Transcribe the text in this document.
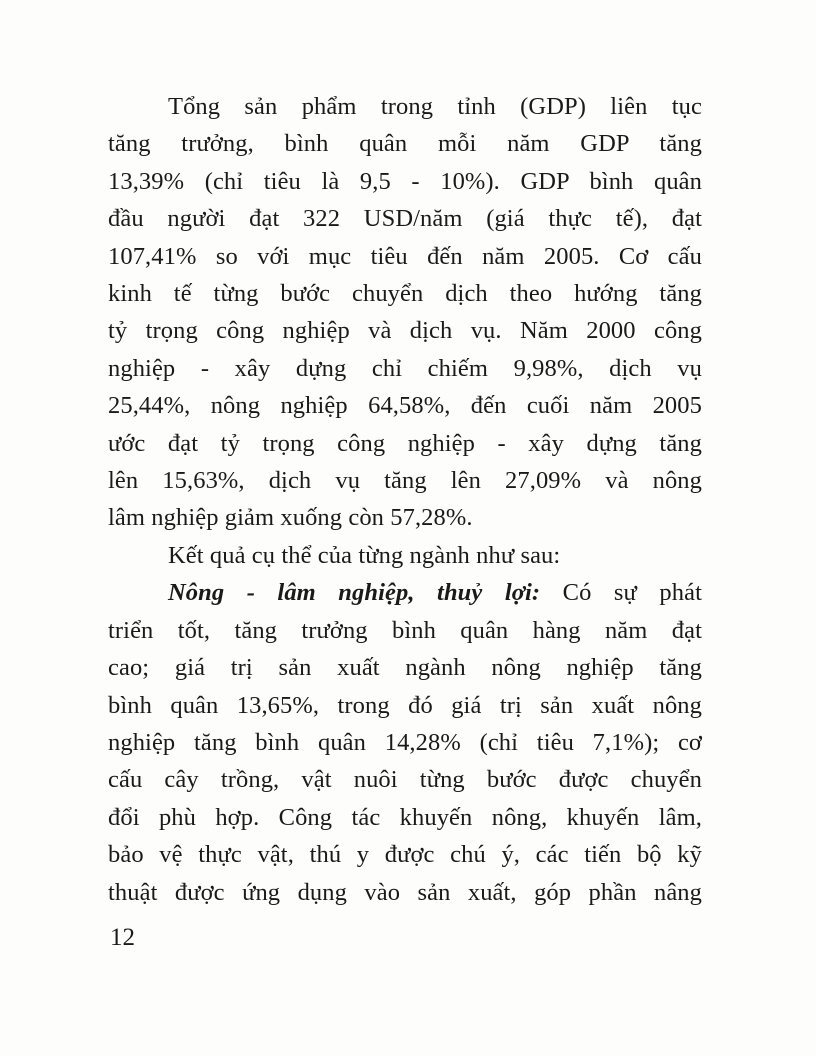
Tổng sản phẩm trong tỉnh (GDP) liên tục
tăng trưởng, bình quân mỗi năm GDP tăng
13,39% (chỉ tiêu là 9,5 - 10%). GDP bình quân
đầu người đạt 322 USD/năm (giá thực tế), đạt
107,41% so với mục tiêu đến năm 2005. Cơ cấu
kinh tế từng bước chuyển dịch theo hướng tăng
tỷ trọng công nghiệp và dịch vụ. Năm 2000 công
nghiệp - xây dựng chỉ chiếm 9,98%, dịch vụ
25,44%, nông nghiệp 64,58%, đến cuối năm 2005
ước đạt tỷ trọng công nghiệp - xây dựng tăng
lên 15,63%, dịch vụ tăng lên 27,09% và nông
lâm nghiệp giảm xuống còn 57,28%.
Kết quả cụ thể của từng ngành như sau:
Nông - lâm nghiệp, thuỷ lợi: Có sự phát
triển tốt, tăng trưởng bình quân hàng năm đạt
cao; giá trị sản xuất ngành nông nghiệp tăng
bình quân 13,65%, trong đó giá trị sản xuất nông
nghiệp tăng bình quân 14,28% (chỉ tiêu 7,1%); cơ
cấu cây trồng, vật nuôi từng bước được chuyển
đổi phù hợp. Công tác khuyến nông, khuyến lâm,
bảo vệ thực vật, thú y được chú ý, các tiến bộ kỹ
thuật được ứng dụng vào sản xuất, góp phần nâng
12
